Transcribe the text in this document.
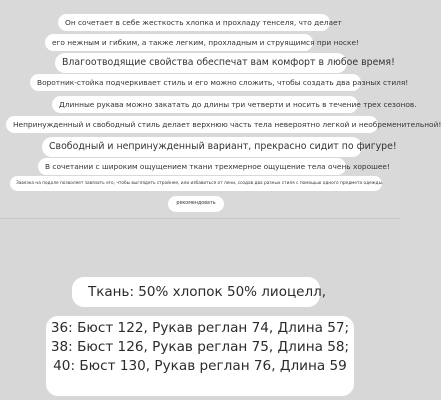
Он сочетает в себе жесткость хлопка и прохладу тенселя, что делает
его нежным и гибким, а также легким, прохладным и струящимся при носке!
Влагоотводящие свойства обеспечат вам комфорт в любое время!
Воротник-стойка подчеркивает стиль и его можно сложить, чтобы создать два разных стиля!
Длинные рукава можно закатать до длины три четверти и носить в течение трех сезонов.
Непринужденный и свободный стиль делает верхнюю часть тела невероятно легкой и необременительной!
Свободный и непринужденный вариант, прекрасно сидит по фигуре!
В сочетании с широким ощущением ткани трехмерное ощущение тела очень хорошее!
Завязка на подоле позволяет завязать его, чтобы выглядеть стройнее, или избавиться от лени, создав два разных стиля с помощью одного предмета одежды.
рекомендовать
Ткань: 50% хлопок 50% лиоцелл,
36: Бюст 122, Рукав реглан 74, Длина 57;
38: Бюст 126, Рукав реглан 75, Длина 58;
40: Бюст 130, Рукав реглан 76, Длина 59
